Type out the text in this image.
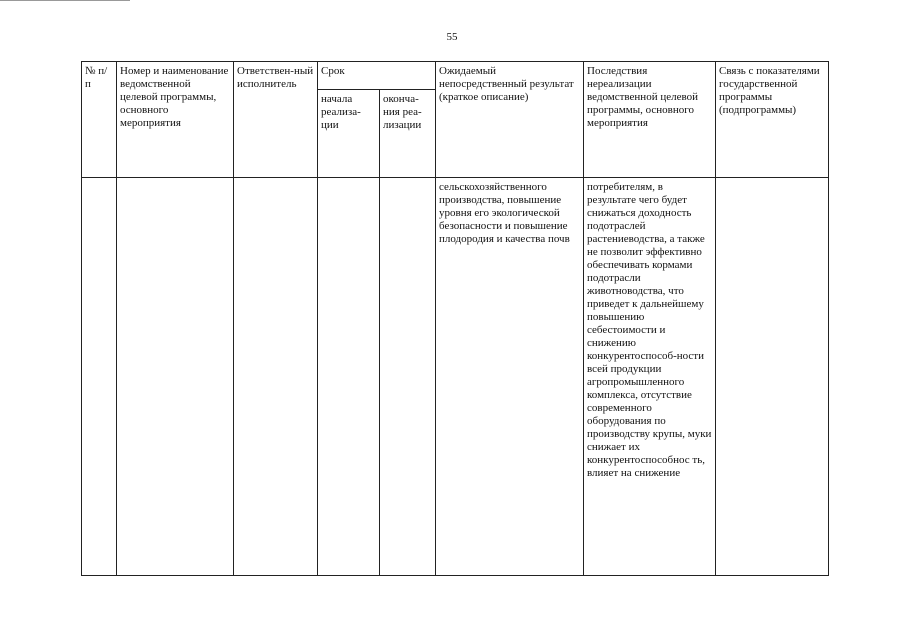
55
№ п/п	Номер и наименование ведомственной целевой программы, основного мероприятия	Ответствен-ный исполнитель	Срок		Ожидаемый непосредственный результат (краткое описание)	Последствия нереализации ведомственной целевой программы, основного мероприятия	Связь с показателями государственной программы (подпрограммы)
			начала реализа-ции	оконча-ния реа-лизации			
					сельскохозяйственного производства, повышение уровня его экологической безопасности и повышение плодородия и качества почв	потребителям, в результате чего будет снижаться доходность подотраслей растениеводства, а также не позволит эффективно обеспечивать кормами подотрасли животноводства, что приведет к дальнейшему повышению себестоимости и снижению конкурентоспособ-ности всей продукции агропромышленного комплекса, отсутствие современного оборудования по производству крупы, муки снижает их конкурентоспособнос ть, влияет на снижение	
